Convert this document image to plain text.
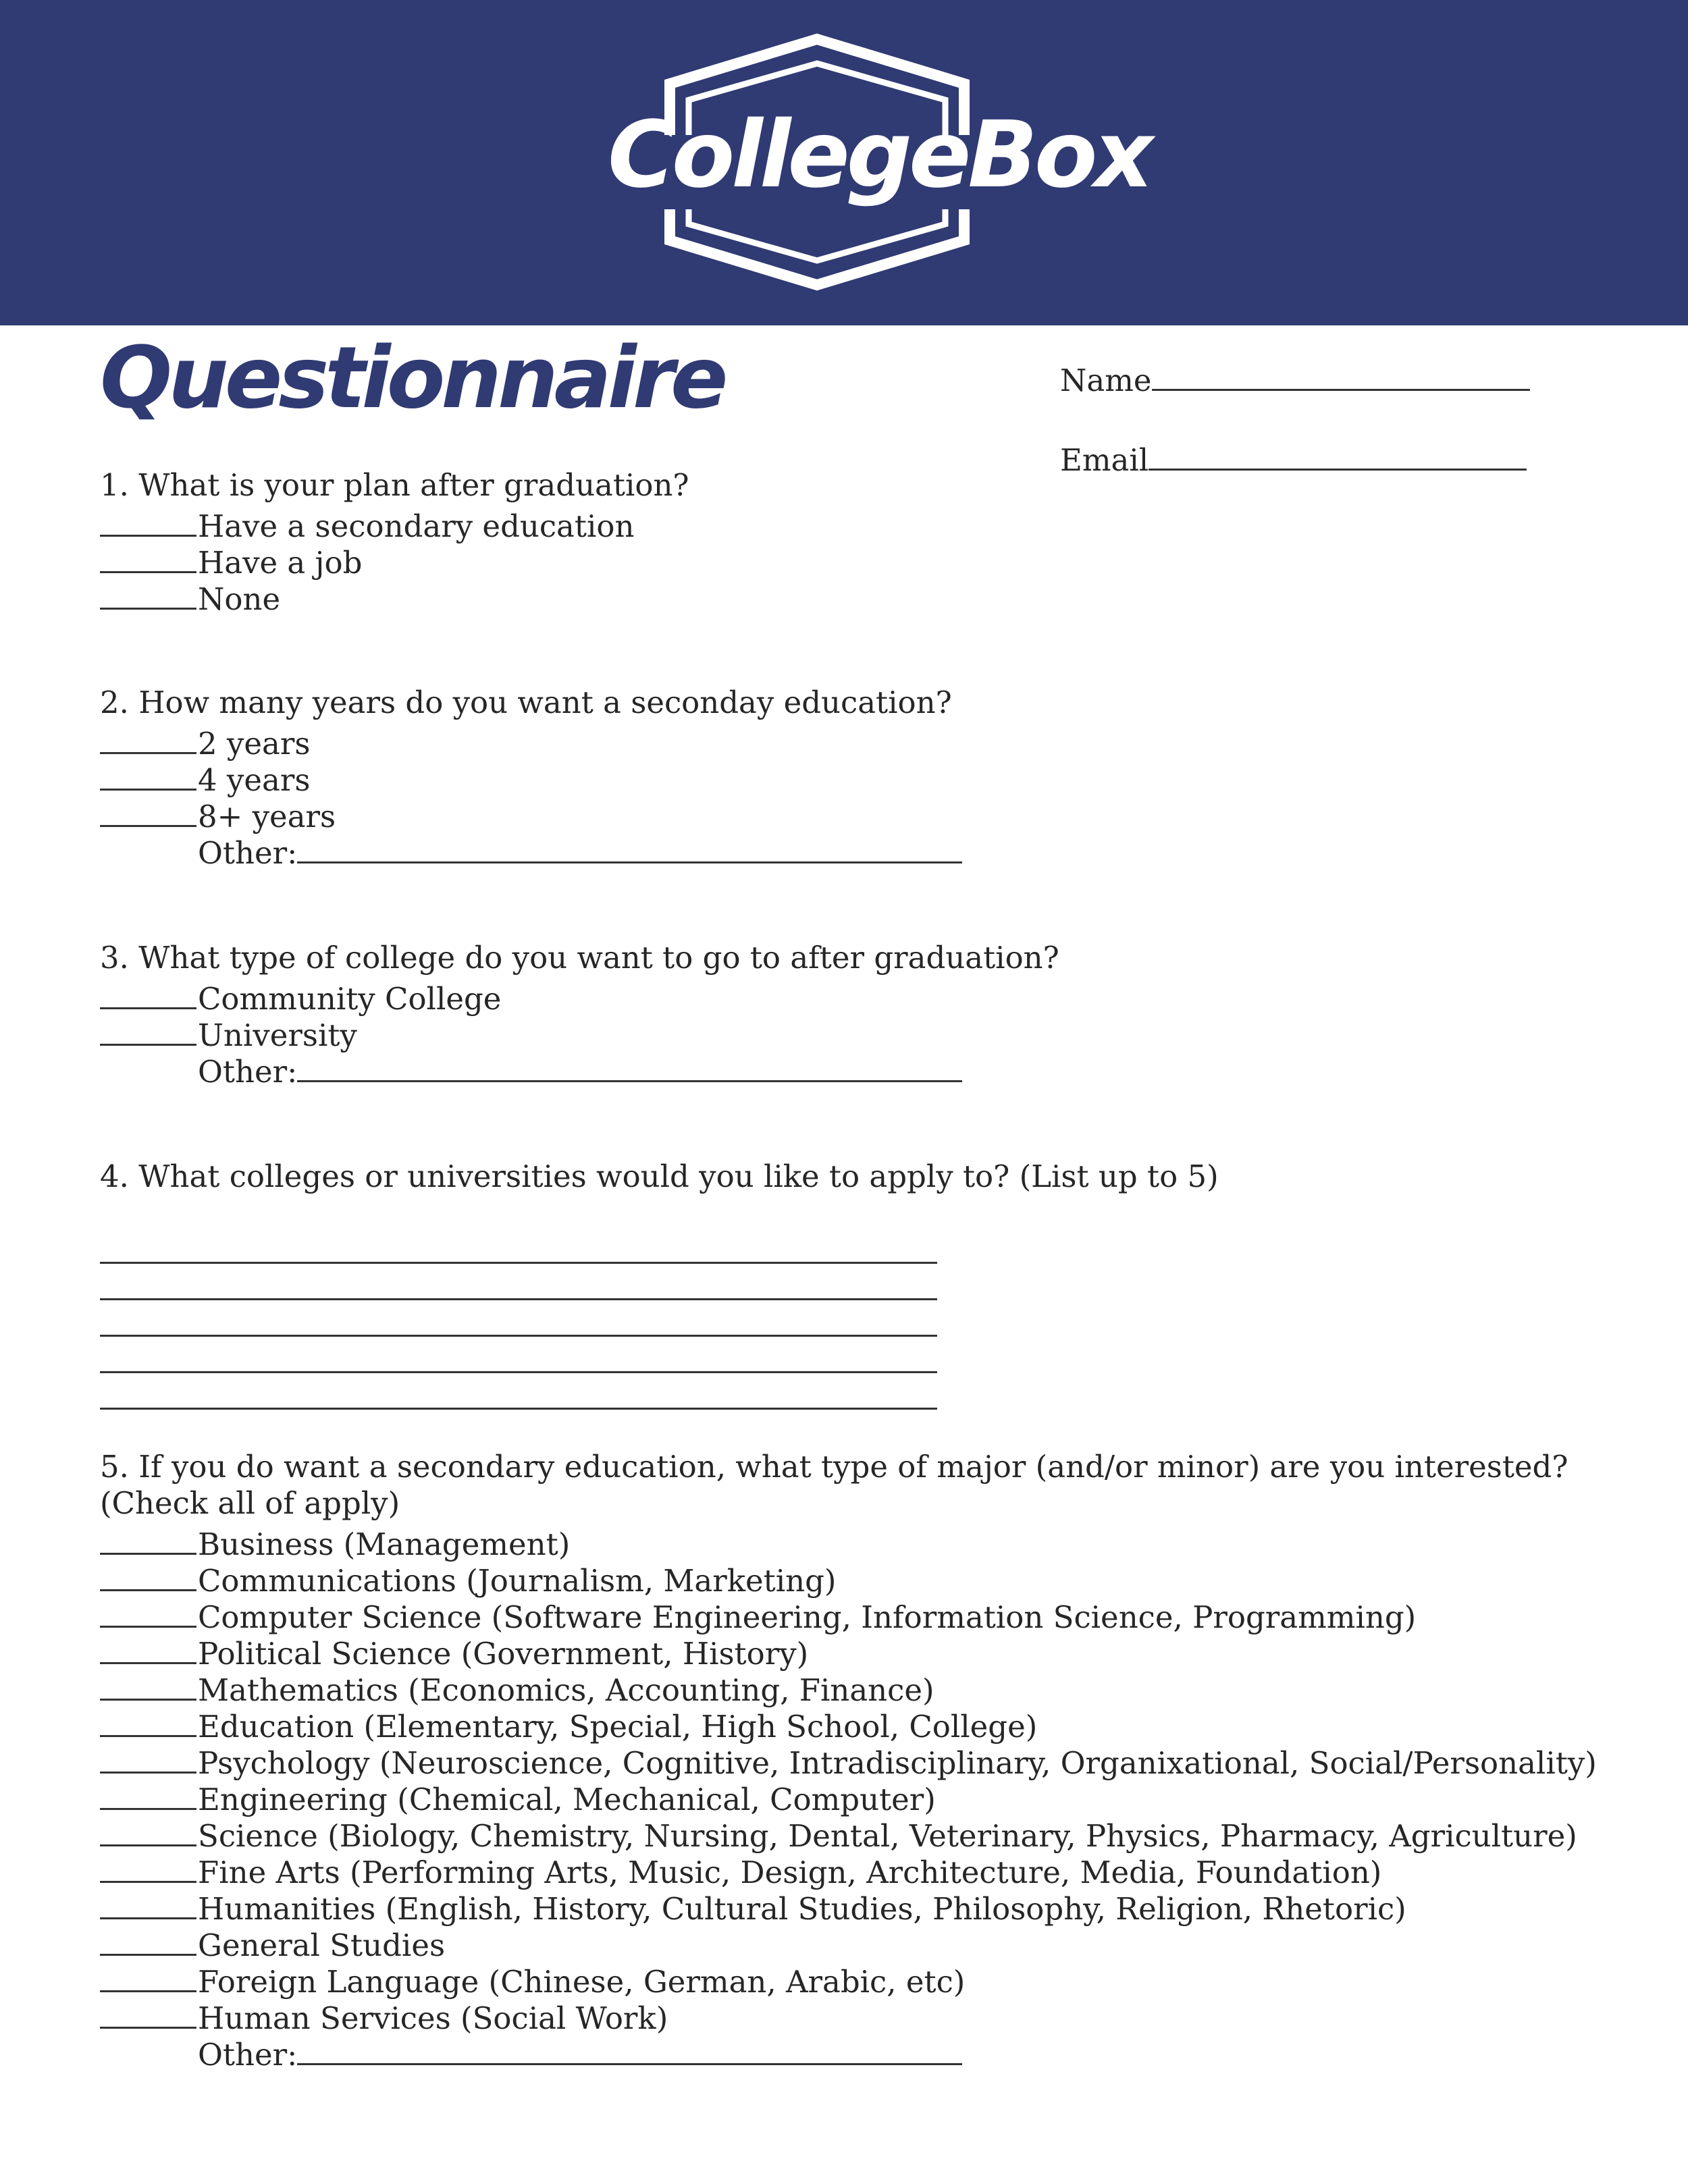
CollegeBox
Questionnaire	Name
Email
1. What is your plan after graduation?
Have a secondary education
Have a job
None
2. How many years do you want a seconday education?
2 years
4 years
8+ years
Other:
3. What type of college do you want to go to after graduation?
Community College
University
Other:
4. What colleges or universities would you like to apply to? (List up to 5)
5. If you do want a secondary education, what type of major (and/or minor) are you interested?
(Check all of apply)
Business (Management)
Communications (Journalism, Marketing)
Computer Science (Software Engineering, Information Science, Programming)
Political Science (Government, History)
Mathematics (Economics, Accounting, Finance)
Education (Elementary, Special, High School, College)
Psychology (Neuroscience, Cognitive, Intradisciplinary, Organixational, Social/Personality)
Engineering (Chemical, Mechanical, Computer)
Science (Biology, Chemistry, Nursing, Dental, Veterinary, Physics, Pharmacy, Agriculture)
Fine Arts (Performing Arts, Music, Design, Architecture, Media, Foundation)
Humanities (English, History, Cultural Studies, Philosophy, Religion, Rhetoric)
General Studies
Foreign Language (Chinese, German, Arabic, etc)
Human Services (Social Work)
Other:
